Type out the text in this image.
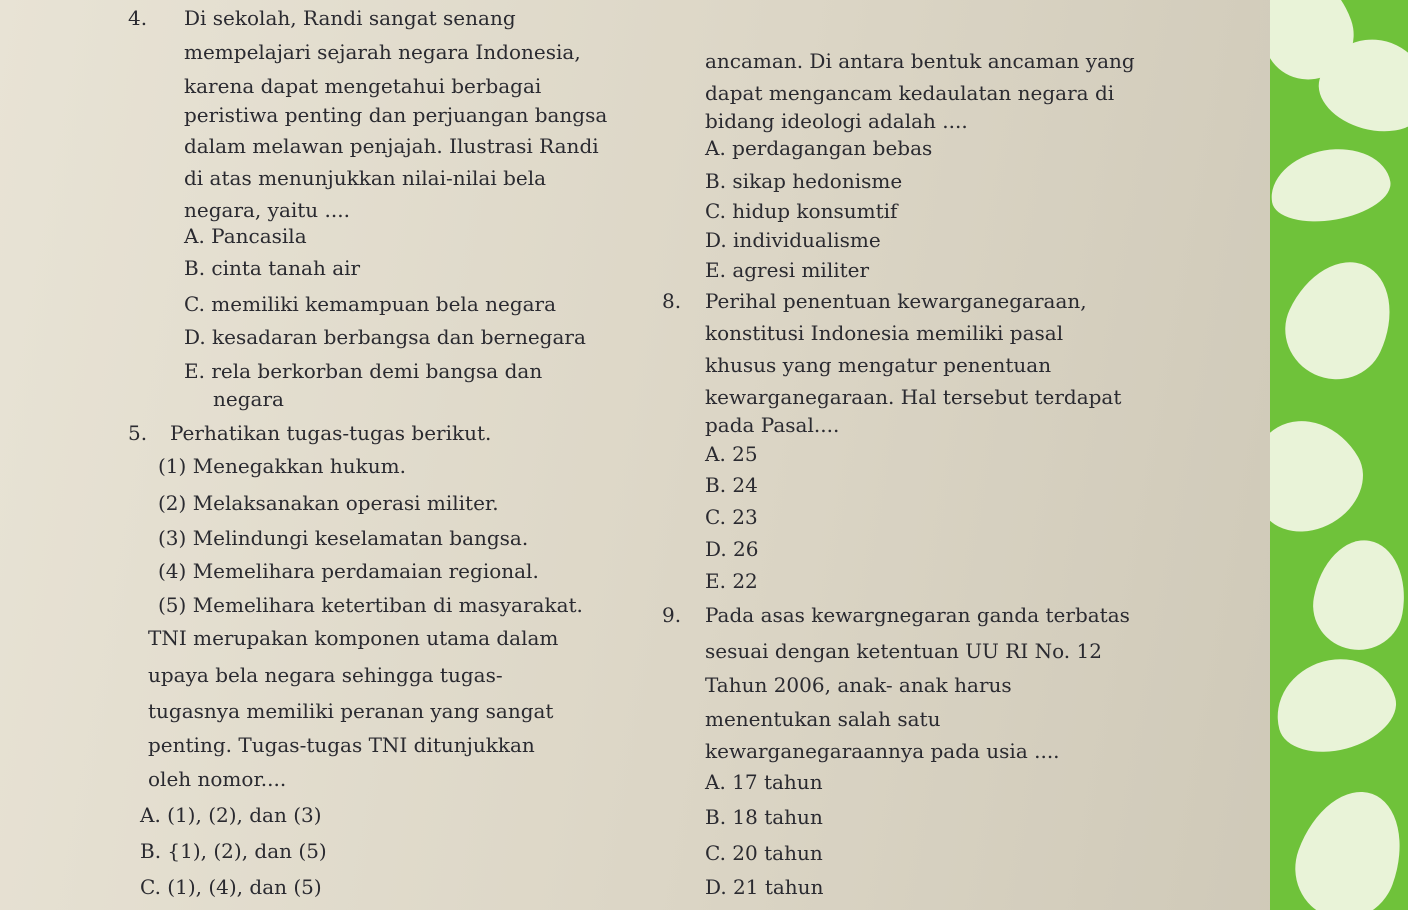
4. Di sekolah, Randi sangat senang
mempelajari sejarah negara Indonesia,
karena dapat mengetahui berbagai
peristiwa penting dan perjuangan bangsa
dalam melawan penjajah. Ilustrasi Randi
di atas menunjukkan nilai-nilai bela
negara, yaitu ....
A. Pancasila
B. cinta tanah air
C. memiliki kemampuan bela negara
D. kesadaran berbangsa dan bernegara
E. rela berkorban demi bangsa dan
negara
5. Perhatikan tugas-tugas berikut.
(1) Menegakkan hukum.
(2) Melaksanakan operasi militer.
(3) Melindungi keselamatan bangsa.
(4) Memelihara perdamaian regional.
(5) Memelihara ketertiban di masyarakat.
TNI merupakan komponen utama dalam
upaya bela negara sehingga tugas-
tugasnya memiliki peranan yang sangat
penting. Tugas-tugas TNI ditunjukkan
oleh nomor....
A. (1), (2), dan (3)
B. {1), (2), dan (5)
C. (1), (4), dan (5)
ancaman. Di antara bentuk ancaman yang
dapat mengancam kedaulatan negara di
bidang ideologi adalah ....
A. perdagangan bebas
B. sikap hedonisme
C. hidup konsumtif
D. individualisme
E. agresi militer
8. Perihal penentuan kewarganegaraan,
konstitusi Indonesia memiliki pasal
khusus yang mengatur penentuan
kewarganegaraan. Hal tersebut terdapat
pada Pasal....
A. 25
B. 24
C. 23
D. 26
E. 22
9. Pada asas kewargnegaran ganda terbatas
sesuai dengan ketentuan UU RI No. 12
Tahun 2006, anak- anak harus
menentukan salah satu
kewarganegaraannya pada usia ....
A. 17 tahun
B. 18 tahun
C. 20 tahun
D. 21 tahun
